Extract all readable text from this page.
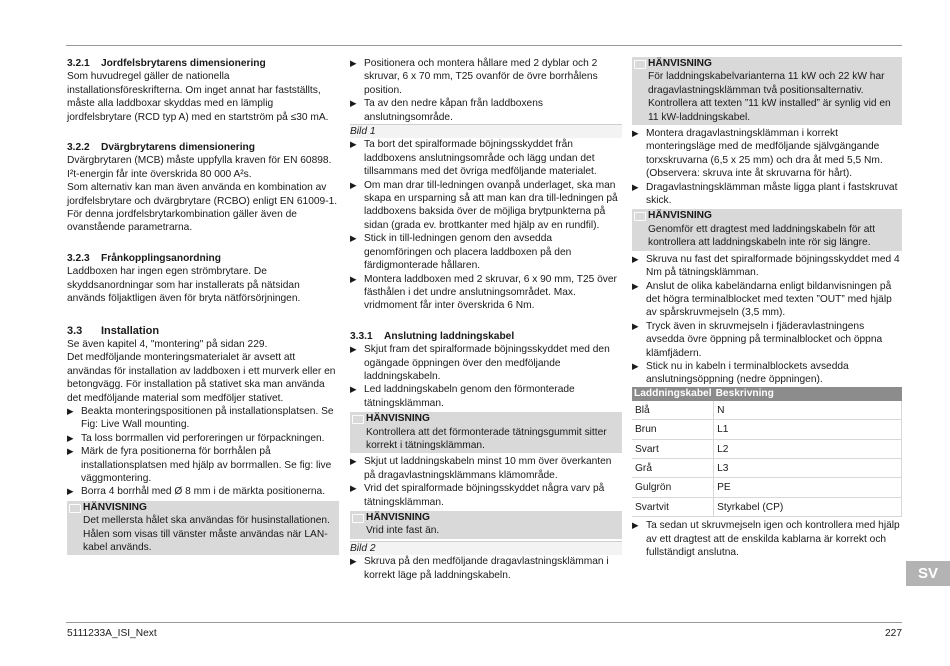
3.2.1 Jordfelsbrytarens dimensionering

Som huvudregel gäller de nationella installationsföreskrifterna. Om inget annat har fastställts, måste alla laddboxar skyddas med en lämplig jordfelsbrytare (RCD typ A) med en startström på ≤30 mA.

3.2.2 Dvärgbrytarens dimensionering

Dvärgbrytaren (MCB) måste uppfylla kraven för EN 60898. I²t-energin får inte överskrida 80 000 A²s.

Som alternativ kan man även använda en kombination av jordfelsbrytare och dvärgbrytare (RCBO) enligt EN 61009-1. För denna jordfelsbrytarkombination gäller även de ovanstående parametrarna.

3.2.3 Frånkopplingsanordning

Laddboxen har ingen egen strömbrytare. De skyddsanordningar som har installerats på nätsidan används följaktligen även för bryta nätförsörjningen.

3.3	Installation

Se även kapitel 4, "montering" på sidan 229.

Det medföljande monteringsmaterialet är avsett att användas för installation av laddboxen i ett murverk eller en betongvägg. För installation på stativet ska man använda det medföljande material som medföljer stativet.

▶ Beakta monteringspositionen på installationsplatsen. Se Fig: Live Wall mounting.
▶ Ta loss borrmallen vid perforeringen ur förpackningen.
▶ Märk de fyra positionerna för borrhålen på installationsplatsen med hjälp av borrmallen. Se fig: live väggmontering.
▶ Borra 4 borrhål med Ø 8 mm i de märkta positionerna.
HÄNVISNING
Det mellersta hålet ska användas för husinstallationen. Hålen som visas till vänster måste användas när LAN-kabel används.
▶ Positionera och montera hållare med 2 dyblar och 2 skruvar, 6 x 70 mm, T25 ovanför de övre borrhålens position.
▶ Ta av den nedre kåpan från laddboxens anslutningsområde.
Bild 1
▶ Ta bort det spiralformade böjningsskyddet från laddboxens anslutningsområde och lägg undan det tillsammans med det övriga medföljande materialet.
▶ Om man drar till-ledningen ovanpå underlaget, ska man skapa en ursparning så att man kan dra till-ledningen på laddboxens baksida över de möjliga brytpunkterna på sidan (grada ev. brottkanter med hjälp av en rundfil).
▶ Stick in till-ledningen genom den avsedda genomföringen och placera laddboxen på den färdigmonterade hållaren.
▶ Montera laddboxen med 2 skruvar, 6 x 90 mm, T25 över fästhålen i det undre anslutningsområdet. Max. vridmoment får inter överskrida 6 Nm.
3.3.1 Anslutning laddningskabel
▶ Skjut fram det spiralformade böjningsskyddet med den ogängade öppningen över den medföljande laddningskabeln.
▶ Led laddningskabeln genom den förmonterade tätningsklämman.
HÄNVISNING
Kontrollera att det förmonterade tätningsgummit sitter korrekt i tätningsklämman.
▶ Skjut ut laddningskabeln minst 10 mm över överkanten på dragavlastningsklämmans klämområde.
▶ Vrid det spiralformade böjningsskyddet några varv på tätningsklämman.
HÄNVISNING
Vrid inte fast än.
Bild 2
▶ Skruva på den medföljande dragavlastningsklämman i korrekt läge på laddningskabeln.
HÄNVISNING
För laddningskabelvarianterna 11 kW och 22 kW har dragavlastningsklämman två positionsalternativ. Kontrollera att texten ”11 kW installed” är synlig vid en 11 kW-laddningskabel.
▶ Montera dragavlastningsklämman i korrekt monteringsläge med de medföljande självgängande torxskruvarna (6,5 x 25 mm) och dra åt med 5,5 Nm. (Observera: skruva inte åt skruvarna för hårt).
▶ Dragavlastningsklämman måste ligga plant i fastskruvat skick.
HÄNVISNING
Genomför ett dragtest med laddningskabeln för att kontrollera att laddningskabeln inte rör sig längre.
▶ Skruva nu fast det spiralformade böjningsskyddet med 4 Nm på tätningsklämman.
▶ Anslut de olika kabeländarna enligt bildanvisningen på det högra terminalblocket med texten ”OUT” med hjälp av spårskruvmejseln (3,5 mm).
▶ Tryck även in skruvmejseln i fjäderavlastningens avsedda övre öppning på terminalblocket och öppna klämfjädern.
▶ Stick nu in kabeln i terminalblockets avsedda anslutningsöppning (nedre öppningen).
Laddningskabel	Beskrivning
Blå	N
Brun	L1
Svart	L2
Grå	L3
Gulgrön	PE
Svartvit	Styrkabel (CP)
▶ Ta sedan ut skruvmejseln igen och kontrollera med hjälp av ett dragtest att de enskilda kablarna är korrekt och fullständigt anslutna.
SV
5111233A_ISI_Next	227
